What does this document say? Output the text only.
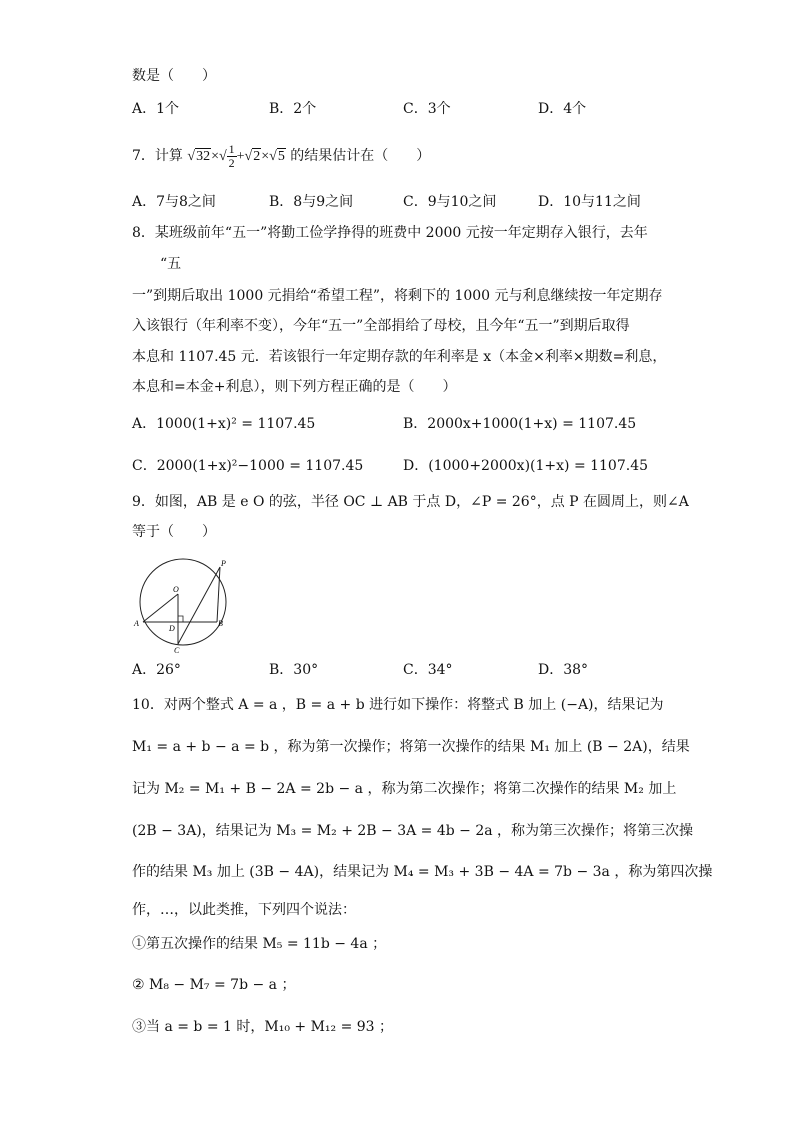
数是（　　）
A．1个	B．2个	C．3个	D．4个
7．计算 $√32\times√ \frac{1}{2} +√2\times√5$ 的结果估计在（　　）
A．7与8之间	B．8与9之间	C．9与10之间	D．10与11之间
8．某班级前年“五一”将勤工俭学挣得的班费中 2000 元按一年定期存入银行，去年
“五
一”到期后取出 1000 元捐给“希望工程”，将剩下的 1000 元与利息继续按一年定期存
入该银行（年利率不变），今年“五一”全部捐给了母校，且今年“五一”到期后取得
本息和 1107.45 元．若该银行一年定期存款的年利率是 x（本金×利率×期数=利息，
本息和=本金+利息），则下列方程正确的是（　　）
A．1000(1+x)² = 1107.45	B．2000x+1000(1+x) = 1107.45
C．2000(1+x)²−1000 = 1107.45	D．(1000+2000x)(1+x) = 1107.45
9．如图，AB 是 e O 的弦，半径 OC ⊥ AB 于点 D，∠P = 26°，点 P 在圆周上，则∠A
等于（　　）
O
A	B
C
D
P
A．26°	B．30°	C．34°	D．38°
10．对两个整式 A = a ，B = a + b 进行如下操作：将整式 B 加上 (−A)，结果记为
M₁ = a + b − a = b ，称为第一次操作；将第一次操作的结果 M₁ 加上 (B − 2A)，结果
记为 M₂ = M₁ + B − 2A = 2b − a ，称为第二次操作；将第二次操作的结果 M₂ 加上
(2B − 3A)，结果记为 M₃ = M₂ + 2B − 3A = 4b − 2a ，称为第三次操作；将第三次操
作的结果 M₃ 加上 (3B − 4A)，结果记为 M₄ = M₃ + 3B − 4A = 7b − 3a ，称为第四次操
作，…，以此类推，下列四个说法：
①第五次操作的结果 M₅ = 11b − 4a ；
② M₈ − M₇ = 7b − a ；
③当 a = b = 1 时，M₁₀ + M₁₂ = 93 ；
